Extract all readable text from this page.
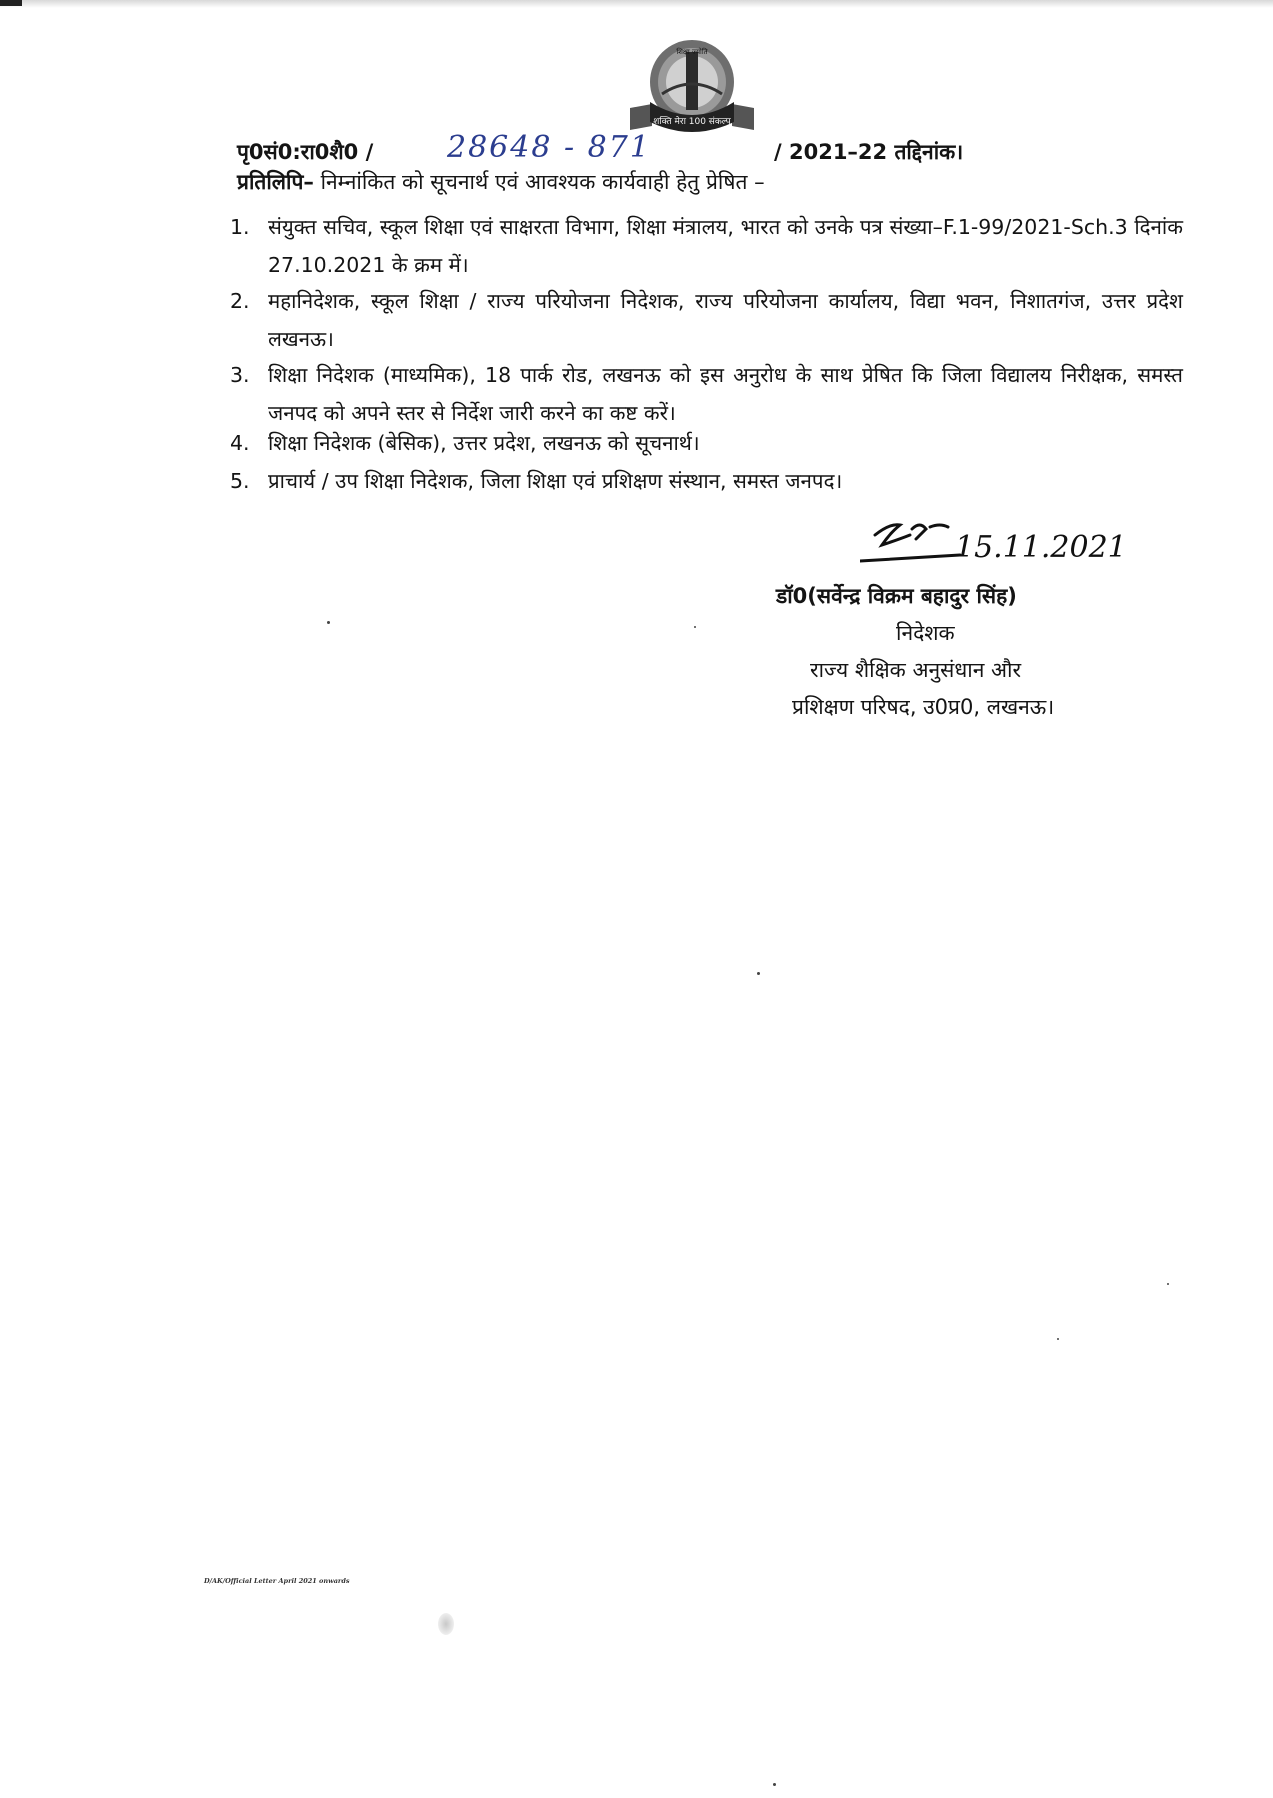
शक्ति मेरा 100 संकल्प
शिक्षा ज्योति
पृ0सं0:रा0शै0 / 28648 - 871	/ 2021–22 तद्दिनांक।
प्रतिलिपि– निम्नांकित को सूचनार्थ एवं आवश्यक कार्यवाही हेतु प्रेषित –
1. संयुक्त सचिव, स्कूल शिक्षा एवं साक्षरता विभाग, शिक्षा मंत्रालय, भारत को उनके पत्र संख्या–F.1-99/2021-Sch.3 दिनांक 27.10.2021 के क्रम में।
2. महानिदेशक, स्कूल शिक्षा / राज्य परियोजना निदेशक, राज्य परियोजना कार्यालय, विद्या भवन, निशातगंज, उत्तर प्रदेश लखनऊ।
3. शिक्षा निदेशक (माध्यमिक), 18 पार्क रोड, लखनऊ को इस अनुरोध के साथ प्रेषित कि जिला विद्यालय निरीक्षक, समस्त जनपद को अपने स्तर से निर्देश जारी करने का कष्ट करें।
4. शिक्षा निदेशक (बेसिक), उत्तर प्रदेश, लखनऊ को सूचनार्थ।
5. प्राचार्य / उप शिक्षा निदेशक, जिला शिक्षा एवं प्रशिक्षण संस्थान, समस्त जनपद।
15.11.2021
डॉ0(सर्वेन्द्र विक्रम बहादुर सिंह)
निदेशक
राज्य शैक्षिक अनुसंधान और
प्रशिक्षण परिषद, उ0प्र0, लखनऊ।
D/AK/Official Letter April 2021 onwards
